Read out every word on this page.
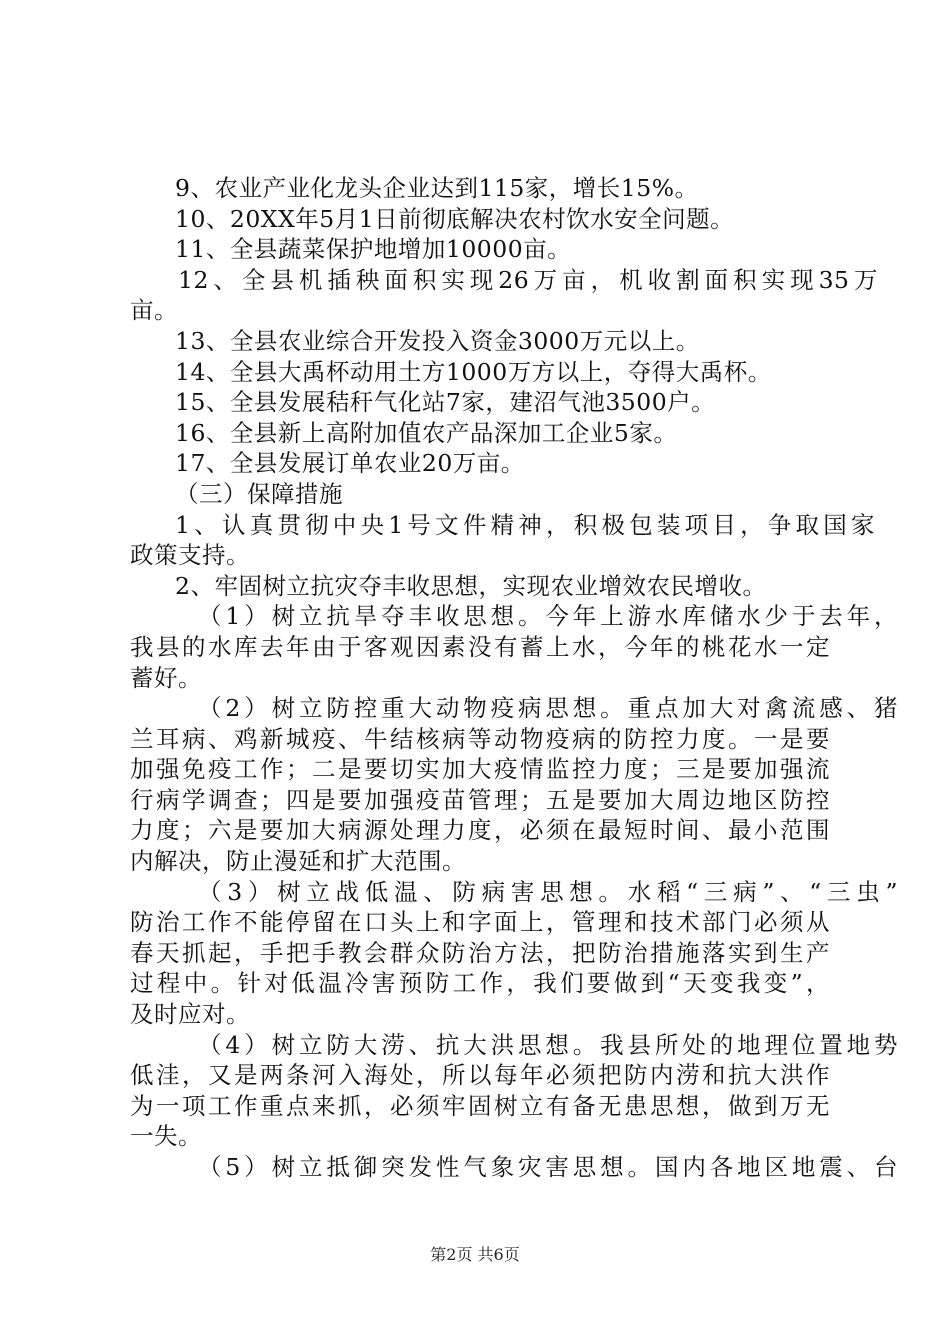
9、农业产业化龙头企业达到115家，增长15%。
10、20XX年5月1日前彻底解决农村饮水安全问题。
11、全县蔬菜保护地增加10000亩。
12、全县机插秧面积实现26万亩，机收割面积实现35万
亩。
13、全县农业综合开发投入资金3000万元以上。
14、全县大禹杯动用土方1000万方以上，夺得大禹杯。
15、全县发展秸秆气化站7家，建沼气池3500户。
16、全县新上高附加值农产品深加工企业5家。
17、全县发展订单农业20万亩。
（三）保障措施
1、认真贯彻中央1号文件精神，积极包装项目，争取国家
政策支持。
2、牢固树立抗灾夺丰收思想，实现农业增效农民增收。
（1）树立抗旱夺丰收思想。今年上游水库储水少于去年，
我县的水库去年由于客观因素没有蓄上水，今年的桃花水一定
蓄好。
（2）树立防控重大动物疫病思想。重点加大对禽流感、猪
兰耳病、鸡新城疫、牛结核病等动物疫病的防控力度。一是要
加强免疫工作；二是要切实加大疫情监控力度；三是要加强流
行病学调查；四是要加强疫苗管理；五是要加大周边地区防控
力度；六是要加大病源处理力度，必须在最短时间、最小范围
内解决，防止漫延和扩大范围。
（3）树立战低温、防病害思想。水稻“三病”、“三虫”
防治工作不能停留在口头上和字面上，管理和技术部门必须从
春天抓起，手把手教会群众防治方法，把防治措施落实到生产
过程中。针对低温冷害预防工作，我们要做到“天变我变”，
及时应对。
（4）树立防大涝、抗大洪思想。我县所处的地理位置地势
低洼，又是两条河入海处，所以每年必须把防内涝和抗大洪作
为一项工作重点来抓，必须牢固树立有备无患思想，做到万无
一失。
（5）树立抵御突发性气象灾害思想。国内各地区地震、台
第2页 共6页
